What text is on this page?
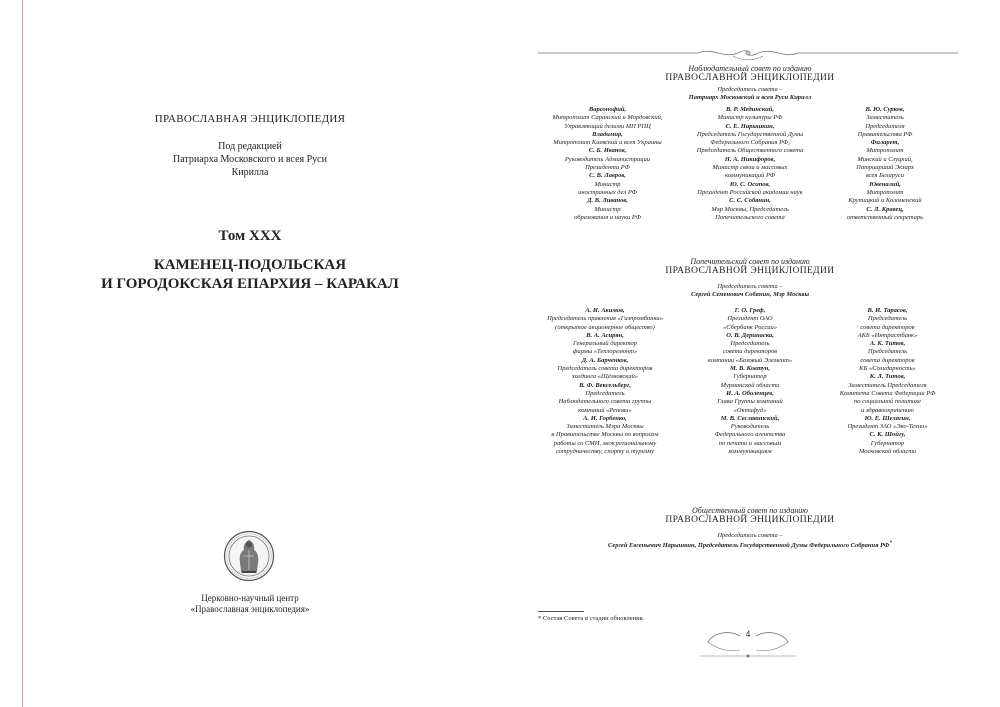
ПРАВОСЛАВНАЯ ЭНЦИКЛОПЕДИЯ
Под редакцией
Патриарха Московского и всея Руси
Кирилла
Том XXX
КАМЕНЕЦ-ПОДОЛЬСКАЯ
И ГОРОДОКСКАЯ ЕПАРХИЯ – КАРАКАЛ
Церковно-научный центр
«Православная энциклопедия»
Наблюдательный совет по изданию
ПРАВОСЛАВНОЙ ЭНЦИКЛОПЕДИИ
Председатель совета –
Патриарх Московский и всея Руси Кирилл
Варсонофий,
Митрополит Саранский и Мордовский,
Управляющий делами МП РПЦ
Владимир,
Митрополит Киевский и всея Украины
С. Б. Иванов,
Руководитель Администрации
Президента РФ
С. В. Лавров,
Министр
иностранных дел РФ
Д. В. Ливанов,
Министр
образования и науки РФ
В. Р. Мединский,
Министр культуры РФ
С. Е. Нарышкин,
Председатель Государственной Думы
Федерального Собрания РФ,
Председатель Общественного совета
Н. А. Никифоров,
Министр связи и массовых
коммуникаций РФ
Ю. С. Осипов,
Президент Российской академии наук
С. С. Собянин,
Мэр Москвы, Председатель
Попечительского совета
В. Ю. Сурков,
Заместитель
Председателя
Правительства РФ
Филарет,
Митрополит
Минский и Слуцкий,
Патриарший Экзарх
всея Беларуси
Ювеналий,
Митрополит
Крутицкий и Коломенский
С. Л. Кравец,
ответственный секретарь
Попечительский совет по изданию
ПРАВОСЛАВНОЙ ЭНЦИКЛОПЕДИИ
Председатель совета –
Сергей Семенович Собянин, Мэр Москвы
А. И. Акимов,
Председатель правления «Газпромбанка»
(открытое акционерное общество)
В. А. Асирян,
Генеральный директор
фирмы «Теплоремонт»
Д. А. Барченков,
Председатель совета директоров
холдинга «Щёлковский»
В. Ф. Вексельберг,
Председатель
Наблюдательного совета группы
компаний «Ренова»
А. И. Горбенко,
Заместитель Мэра Москвы
в Правительстве Москвы по вопросам
работы со СМИ, межрегиональному
сотрудничеству, спорту и туризму
Г. О. Греф,
Президент ОАО
«Сбербанк России»
О. В. Дерипаска,
Председатель
совета директоров
компании «Базовый Элемент»
М. В. Ковтун,
Губернатор
Мурманской области
И. А. Оболенцев,
Глава Группы компаний
«Октифуд»
М. В. Сеславинский,
Руководитель
Федерального агентства
по печати и массовым
коммуникациям
В. И. Тарасов,
Председатель
совета директоров
АКБ «Интрастбанк»
А. К. Титов,
Председатель
совета директоров
КБ «Солидарность»
К. Л. Титов,
Заместитель Председателя
Комитета Совета Федерации РФ
по социальной политике
и здравоохранению
Ю. Е. Шелягин,
Президент ЗАО «Эко-Техно»
С. К. Шойгу,
Губернатор
Московской области
Общественный совет по изданию
ПРАВОСЛАВНОЙ ЭНЦИКЛОПЕДИИ
Председатель совета –
Сергей Евгеньевич Нарышкин, Председатель Государственной Думы Федерального Собрания РФ*
* Состав Совета в стадии обновления.
4
